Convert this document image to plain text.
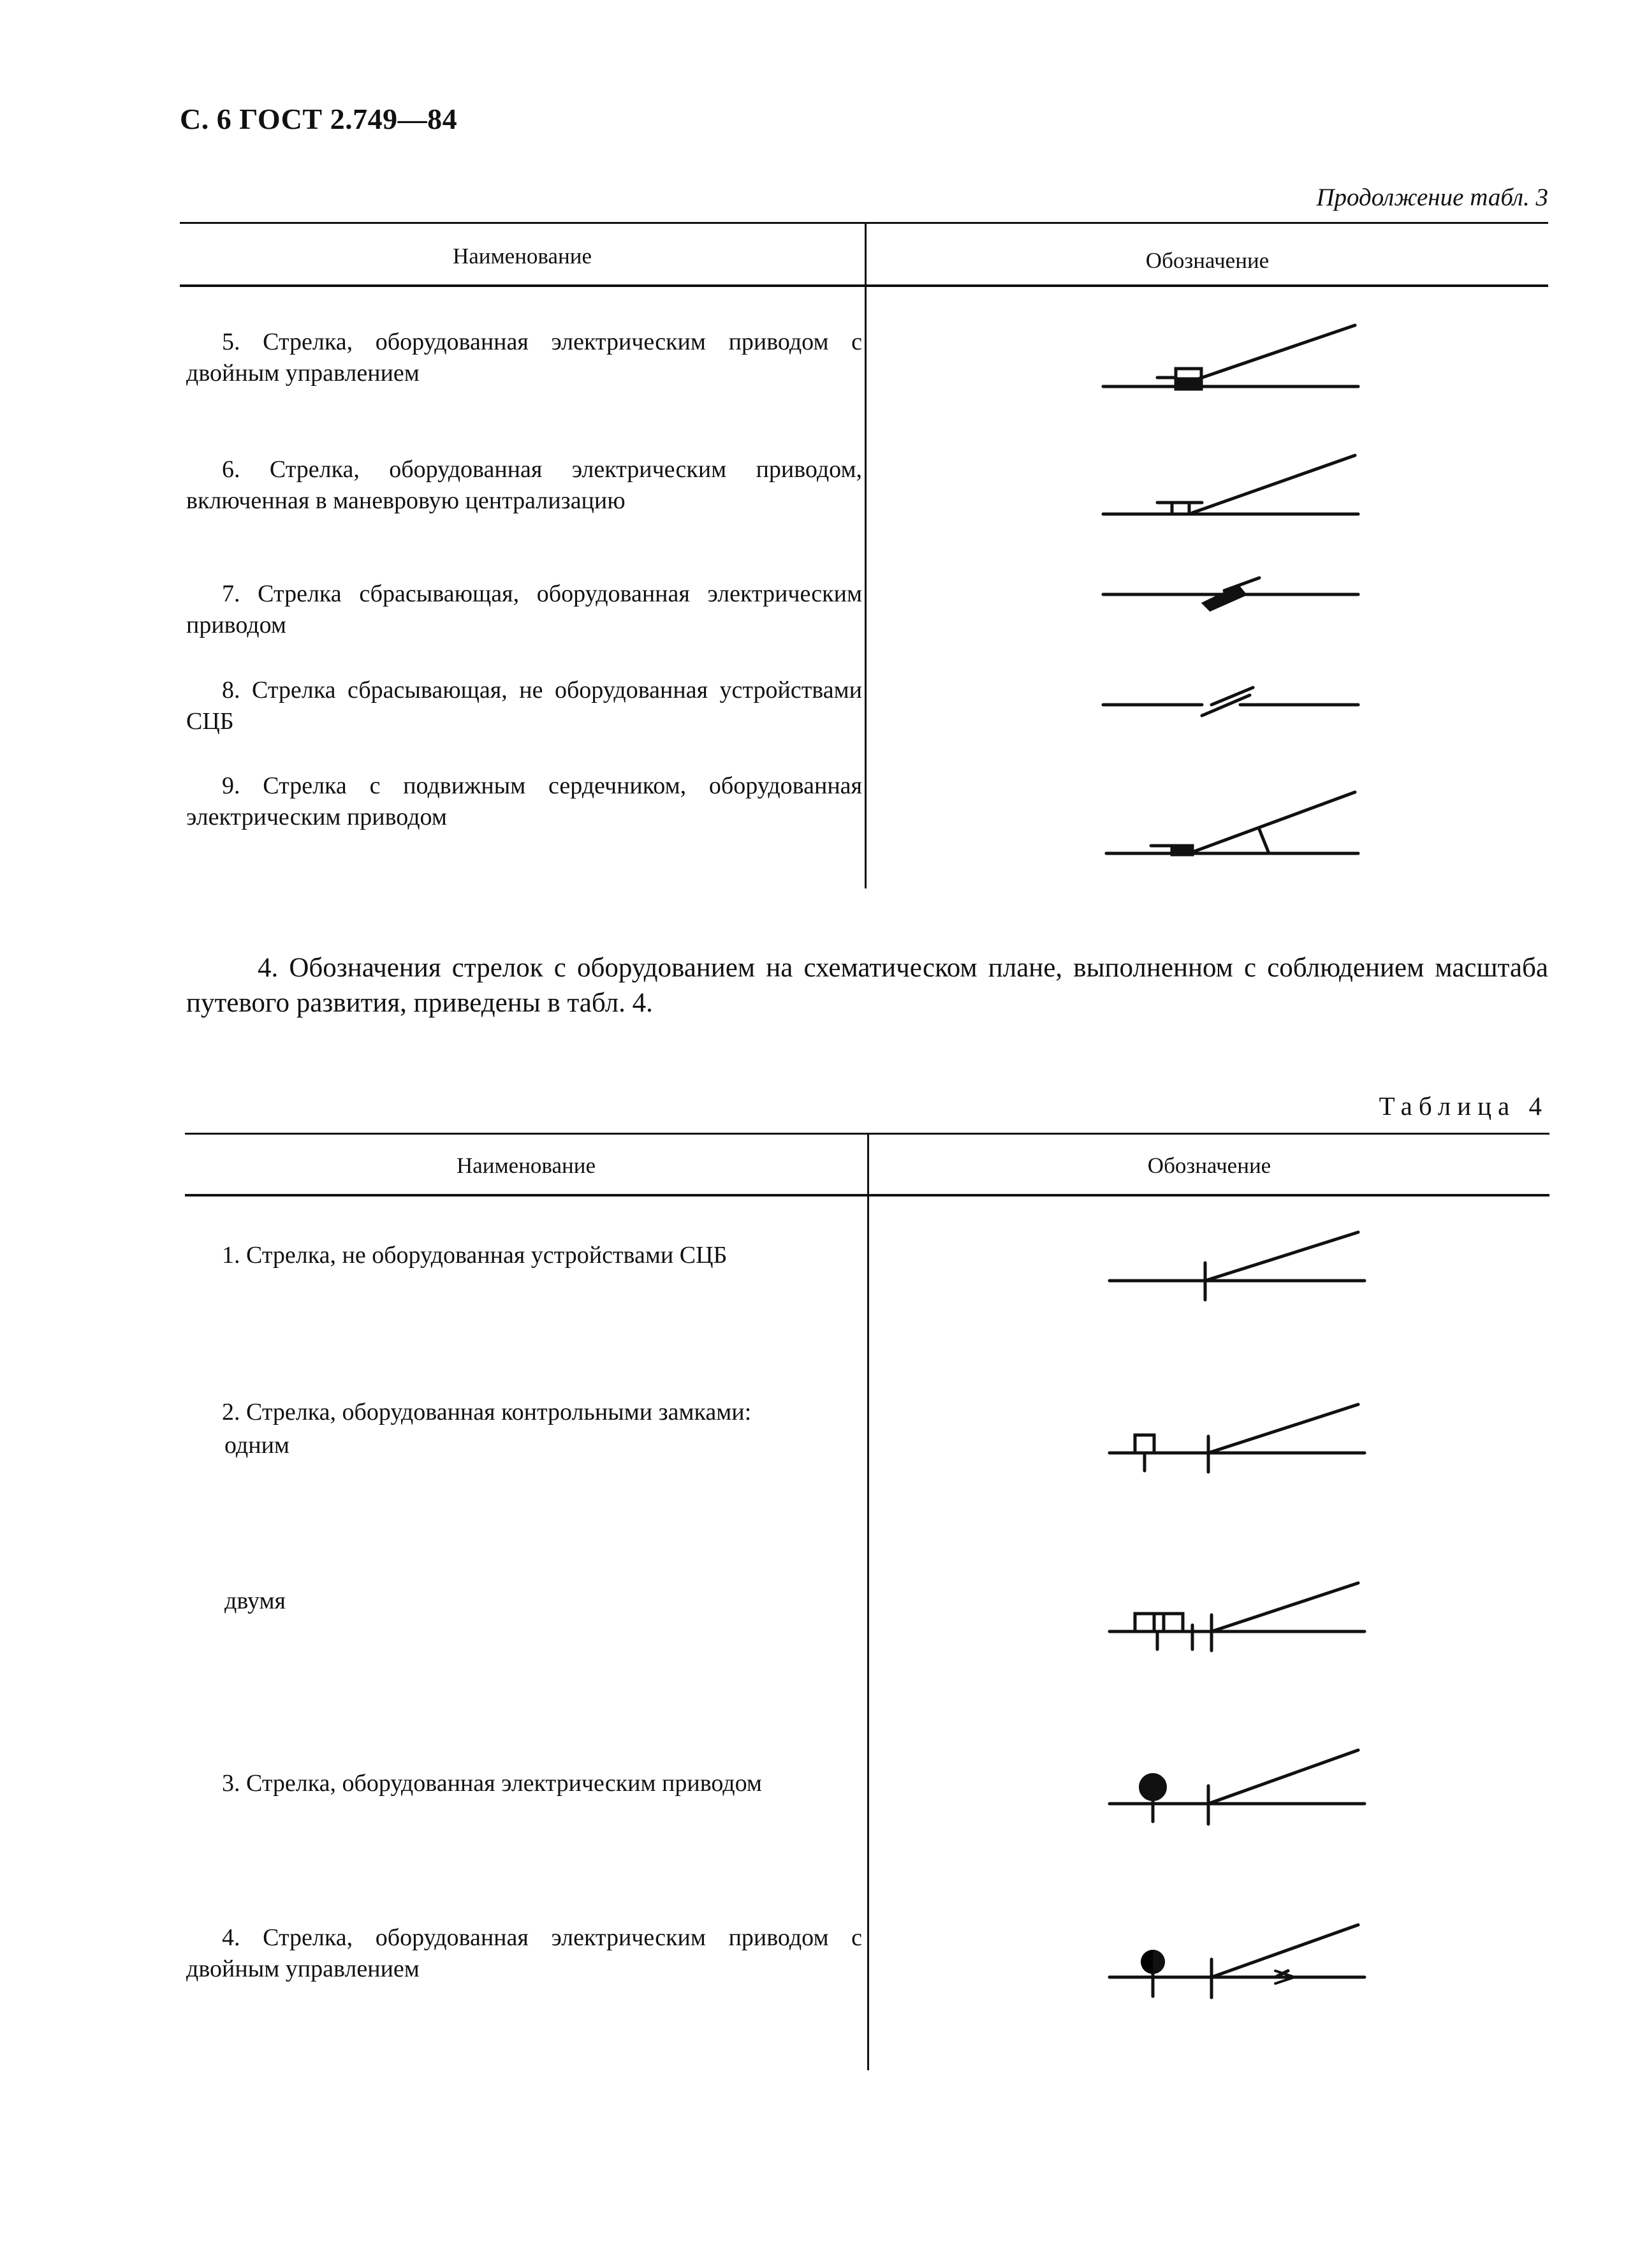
С. 6 ГОСТ 2.749—84
Продолжение табл. 3
Наименование	Обозначение
5. Стрелка, оборудованная электрическим приводом с двойным управлением
6. Стрелка, оборудованная электрическим приводом, включенная в маневровую централизацию
7. Стрелка сбрасывающая, оборудованная электрическим приводом
8. Стрелка сбрасывающая, не оборудованная устройствами СЦБ
9. Стрелка с подвижным сердечником, оборудованная электрическим приводом
4. Обозначения стрелок с оборудованием на схематическом плане, выполненном с соблюдением масштаба путевого развития, приведены в табл. 4.
Таблица 4
Наименование	Обозначение
1. Стрелка, не оборудованная устройствами СЦБ
2. Стрелка, оборудованная контрольными замками:
одним
двумя
3. Стрелка, оборудованная электрическим приводом
4. Стрелка, оборудованная электрическим приводом с двойным управлением
